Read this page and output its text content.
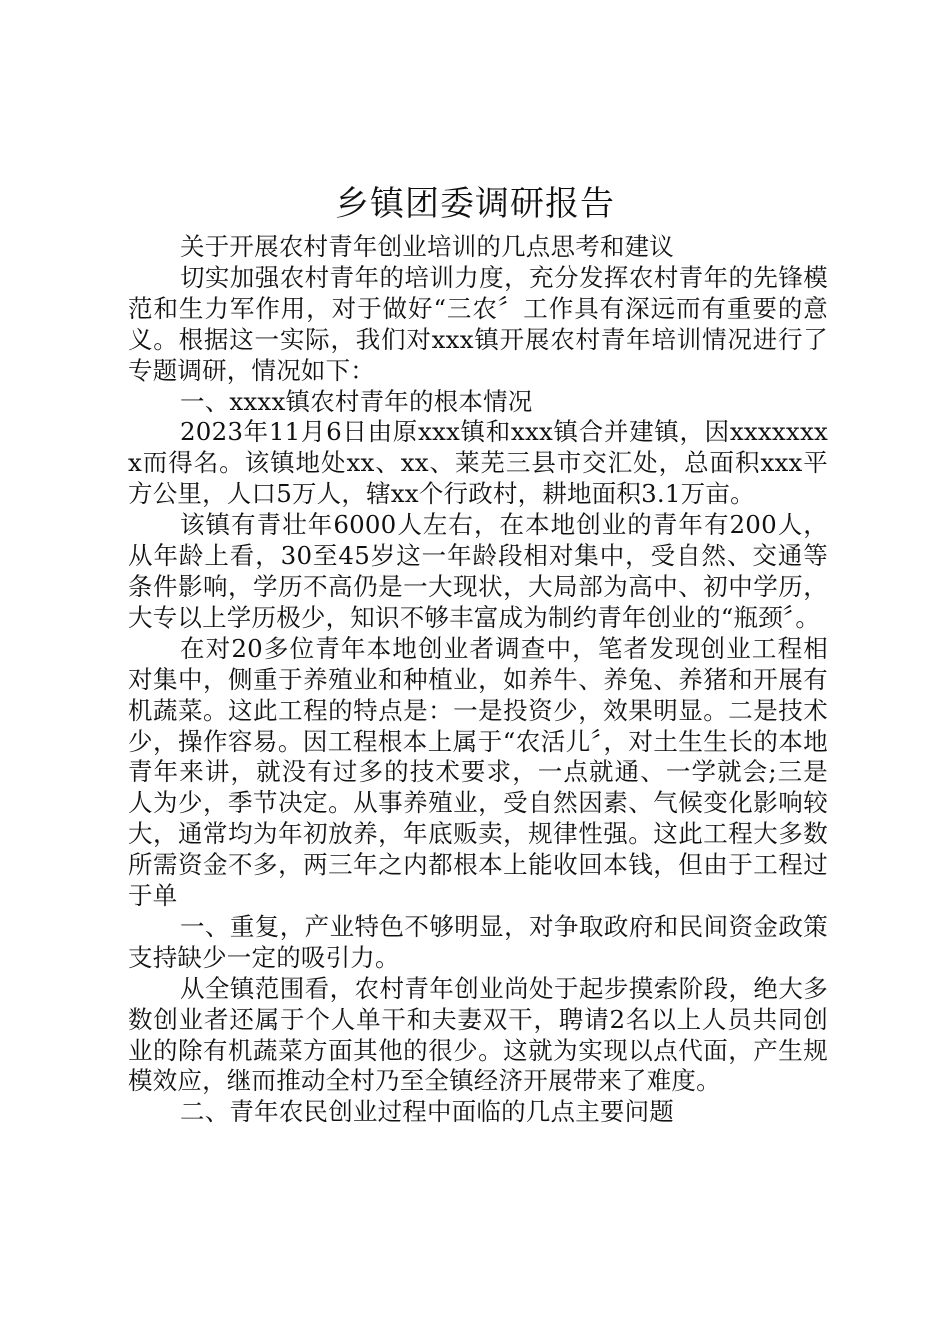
乡镇团委调研报告

关于开展农村青年创业培训的几点思考和建议

切实加强农村青年的培训力度，充分发挥农村青年的先锋模范和生力军作用，对于做好“三农〞工作具有深远而有重要的意义。根据这一实际，我们对xxx镇开展农村青年培训情况进行了专题调研，情况如下：

一、xxxx镇农村青年的根本情况

2023年11月6日由原xxx镇和xxx镇合并建镇，因xxxxxxxx而得名。该镇地处xx、xx、莱芜三县市交汇处，总面积xxx平方公里，人口5万人，辖xx个行政村，耕地面积3.1万亩。

该镇有青壮年6000人左右，在本地创业的青年有200人，从年龄上看，30至45岁这一年龄段相对集中，受自然、交通等条件影响，学历不高仍是一大现状，大局部为高中、初中学历，大专以上学历极少，知识不够丰富成为制约青年创业的“瓶颈〞。

在对20多位青年本地创业者调查中，笔者发现创业工程相对集中，侧重于养殖业和种植业，如养牛、养兔、养猪和开展有机蔬菜。这此工程的特点是：一是投资少，效果明显。二是技术少，操作容易。因工程根本上属于“农活儿〞，对土生生长的本地青年来讲，就没有过多的技术要求，一点就通、一学就会;三是人为少，季节决定。从事养殖业，受自然因素、气候变化影响较大，通常均为年初放养，年底贩卖，规律性强。这此工程大多数所需资金不多，两三年之内都根本上能收回本钱，但由于工程过于单

一、重复，产业特色不够明显，对争取政府和民间资金政策支持缺少一定的吸引力。

从全镇范围看，农村青年创业尚处于起步摸索阶段，绝大多数创业者还属于个人单干和夫妻双干，聘请2名以上人员共同创业的除有机蔬菜方面其他的很少。这就为实现以点代面，产生规模效应，继而推动全村乃至全镇经济开展带来了难度。

二、青年农民创业过程中面临的几点主要问题
